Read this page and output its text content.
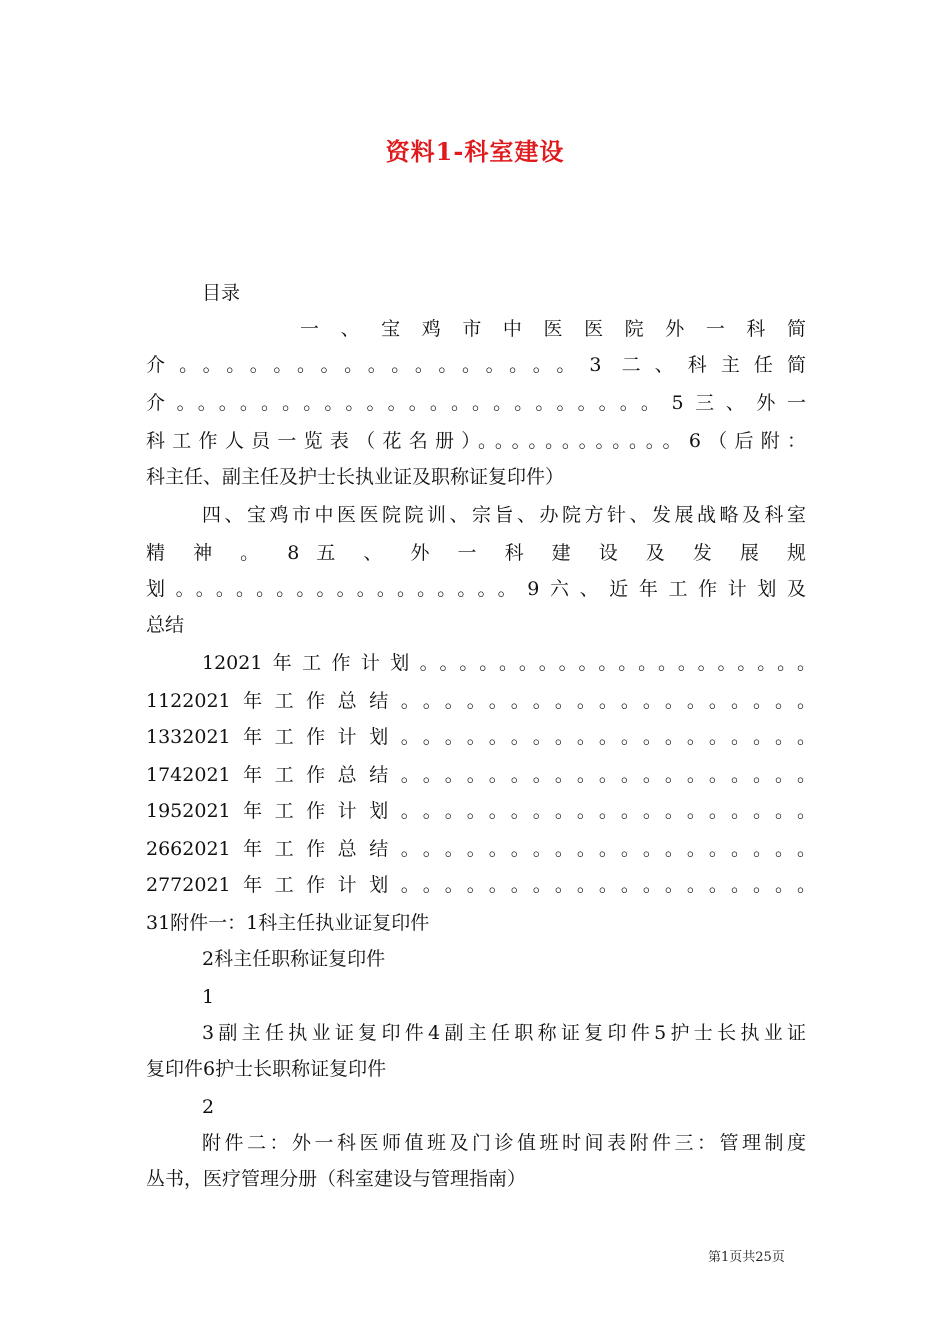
资料1-科室建设
目录
一 、 宝 鸡 市 中 医 医 院 外 一 科 简
介。。。。。。。。。。。。。。。。。3 二、科主任简
介。。。。。。。。。。。。。。。。。。。。。。。5三、外一
科工作人员一览表（花名册）。。。。。。。。。。。。6（后附：
科主任、副主任及护士长执业证及职称证复印件）
四、宝鸡市中医医院院训、宗旨、办院方针、发展战略及科室
精 神 。 8 五 、 外 一 科 建 设 及 发 展 规
划。。。。。。。。。。。。。。。。。9六、近年工作计划及
总结
12021年工作计划。。。。。。。。。。。。。。。。。。。。
1122021年工作总结。。。。。。。。。。。。。。。。。。。
1332021年工作计划。。。。。。。。。。。。。。。。。。。
1742021年工作总结。。。。。。。。。。。。。。。。。。。
1952021年工作计划。。。。。。。。。。。。。。。。。。。
2662021年工作总结。。。。。。。。。。。。。。。。。。。
2772021年工作计划。。。。。。。。。。。。。。。。。。。
31附件一：1科主任执业证复印件
2科主任职称证复印件
1
3副主任执业证复印件4副主任职称证复印件5护士长执业证
复印件6护士长职称证复印件
2
附件二：外一科医师值班及门诊值班时间表附件三：管理制度
丛书，医疗管理分册（科室建设与管理指南）
第1页共25页
